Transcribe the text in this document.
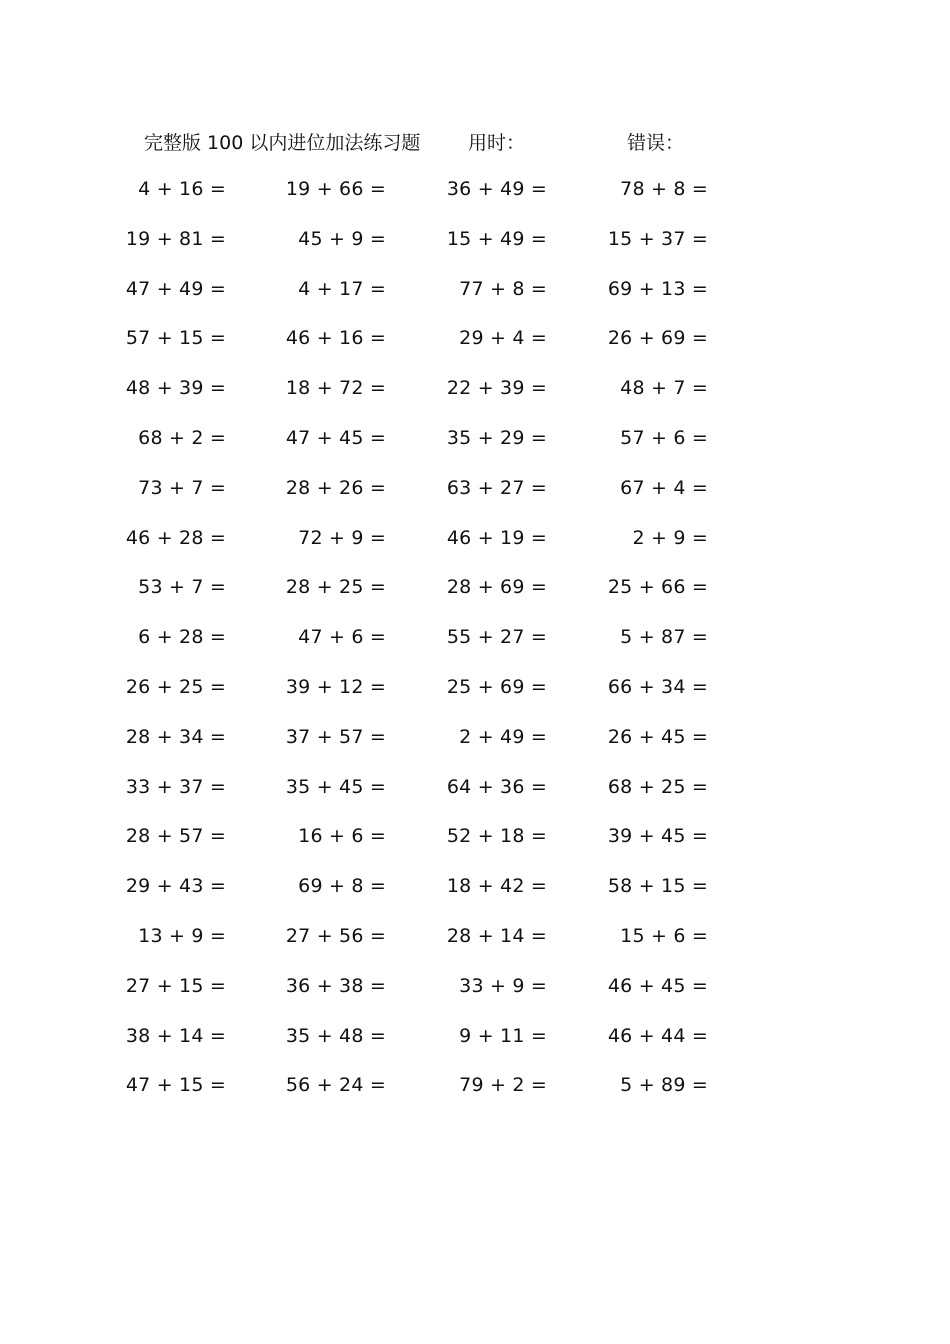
完整版 100 以内进位加法练习题	用时：	错误：
4 + 16 =	19 + 66 =	36 + 49 =	78 + 8 =
19 + 81 =	45 + 9 =	15 + 49 =	15 + 37 =
47 + 49 =	4 + 17 =	77 + 8 =	69 + 13 =
57 + 15 =	46 + 16 =	29 + 4 =	26 + 69 =
48 + 39 =	18 + 72 =	22 + 39 =	48 + 7 =
68 + 2 =	47 + 45 =	35 + 29 =	57 + 6 =
73 + 7 =	28 + 26 =	63 + 27 =	67 + 4 =
46 + 28 =	72 + 9 =	46 + 19 =	2 + 9 =
53 + 7 =	28 + 25 =	28 + 69 =	25 + 66 =
6 + 28 =	47 + 6 =	55 + 27 =	5 + 87 =
26 + 25 =	39 + 12 =	25 + 69 =	66 + 34 =
28 + 34 =	37 + 57 =	2 + 49 =	26 + 45 =
33 + 37 =	35 + 45 =	64 + 36 =	68 + 25 =
28 + 57 =	16 + 6 =	52 + 18 =	39 + 45 =
29 + 43 =	69 + 8 =	18 + 42 =	58 + 15 =
13 + 9 =	27 + 56 =	28 + 14 =	15 + 6 =
27 + 15 =	36 + 38 =	33 + 9 =	46 + 45 =
38 + 14 =	35 + 48 =	9 + 11 =	46 + 44 =
47 + 15 =	56 + 24 =	79 + 2 =	5 + 89 =
